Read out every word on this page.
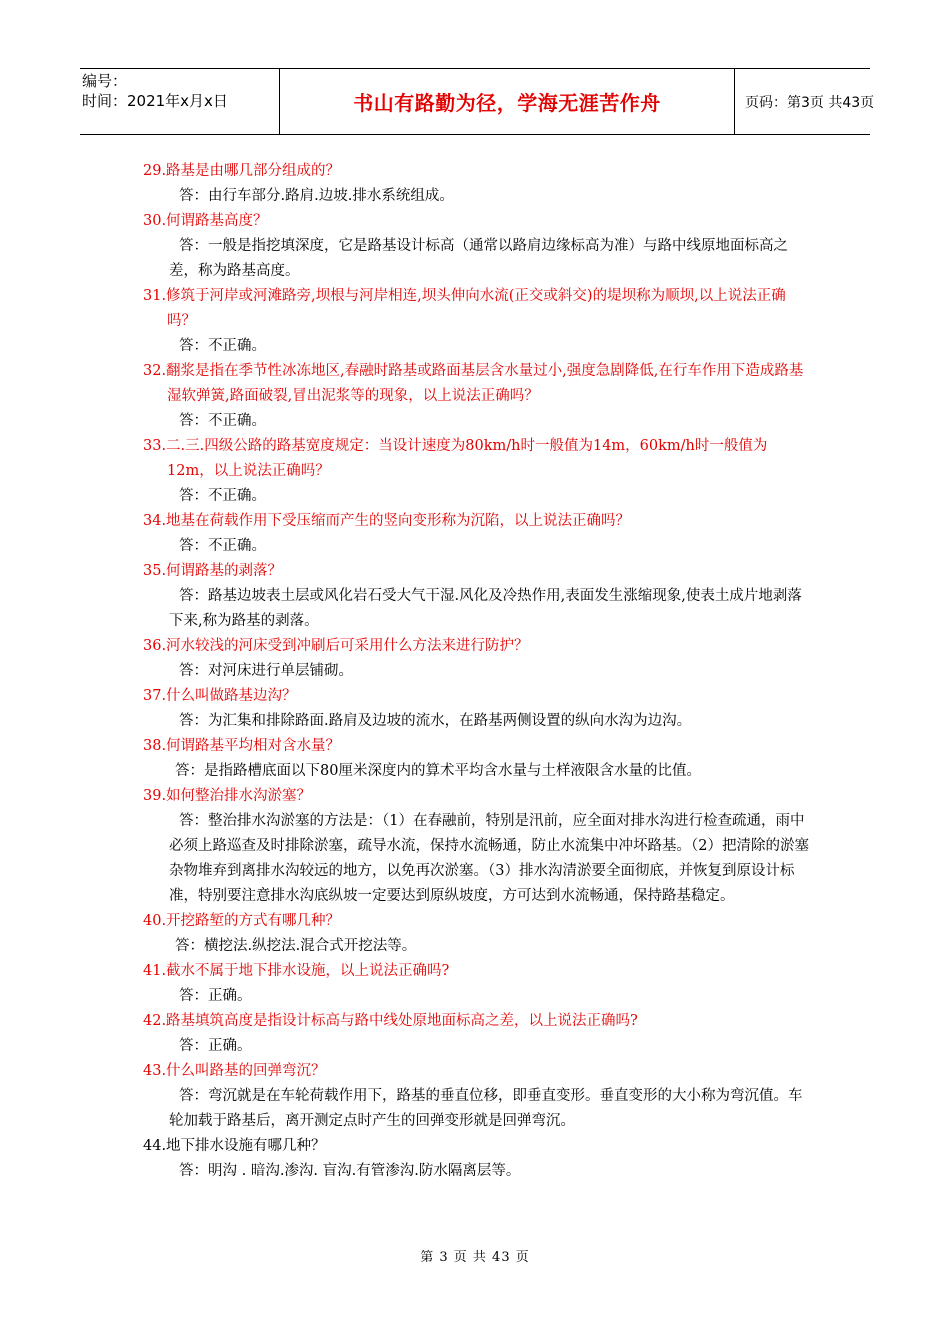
编号：
时间：2021年x月x日	书山有路勤为径，学海无涯苦作舟	页码：第3页 共43页
29.路基是由哪几部分组成的？
答：由行车部分.路肩.边坡.排水系统组成。
30.何谓路基高度？
答：一般是指挖填深度，它是路基设计标高（通常以路肩边缘标高为准）与路中线原地面标高之差，称为路基高度。
31.修筑于河岸或河滩路旁,坝根与河岸相连,坝头伸向水流(正交或斜交)的堤坝称为顺坝,以上说法正确吗？
答：不正确。
32.翻浆是指在季节性冰冻地区,春融时路基或路面基层含水量过小,强度急剧降低,在行车作用下造成路基湿软弹簧,路面破裂,冒出泥浆等的现象，以上说法正确吗？
答：不正确。
33.二.三.四级公路的路基宽度规定：当设计速度为80km/h时一般值为14m，60km/h时一般值为12m，以上说法正确吗？
答：不正确。
34.地基在荷载作用下受压缩而产生的竖向变形称为沉陷，以上说法正确吗？
答：不正确。
35.何谓路基的剥落？
答：路基边坡表土层或风化岩石受大气干湿.风化及冷热作用,表面发生涨缩现象,使表土成片地剥落下来,称为路基的剥落。
36.河水较浅的河床受到冲刷后可采用什么方法来进行防护？
答：对河床进行单层铺砌。
37.什么叫做路基边沟？
答：为汇集和排除路面.路肩及边坡的流水，在路基两侧设置的纵向水沟为边沟。
38.何谓路基平均相对含水量？
答：是指路槽底面以下80厘米深度内的算术平均含水量与土样液限含水量的比值。
39.如何整治排水沟淤塞？
答：整治排水沟淤塞的方法是：（1）在春融前，特别是汛前，应全面对排水沟进行检查疏通，雨中必须上路巡查及时排除淤塞，疏导水流，保持水流畅通，防止水流集中冲坏路基。（2）把清除的淤塞杂物堆弃到离排水沟较远的地方，以免再次淤塞。（3）排水沟清淤要全面彻底，并恢复到原设计标准，特别要注意排水沟底纵坡一定要达到原纵坡度，方可达到水流畅通，保持路基稳定。
40.开挖路堑的方式有哪几种？
答：横挖法.纵挖法.混合式开挖法等。
41.截水不属于地下排水设施，以上说法正确吗?
答：正确。
42.路基填筑高度是指设计标高与路中线处原地面标高之差，以上说法正确吗?
答：正确。
43.什么叫路基的回弹弯沉？
答：弯沉就是在车轮荷载作用下，路基的垂直位移，即垂直变形。垂直变形的大小称为弯沉值。车轮加载于路基后，离开测定点时产生的回弹变形就是回弹弯沉。
44.地下排水设施有哪几种？
答：明沟 . 暗沟.渗沟. 盲沟.有管渗沟.防水隔离层等。
第 3 页 共 43 页
